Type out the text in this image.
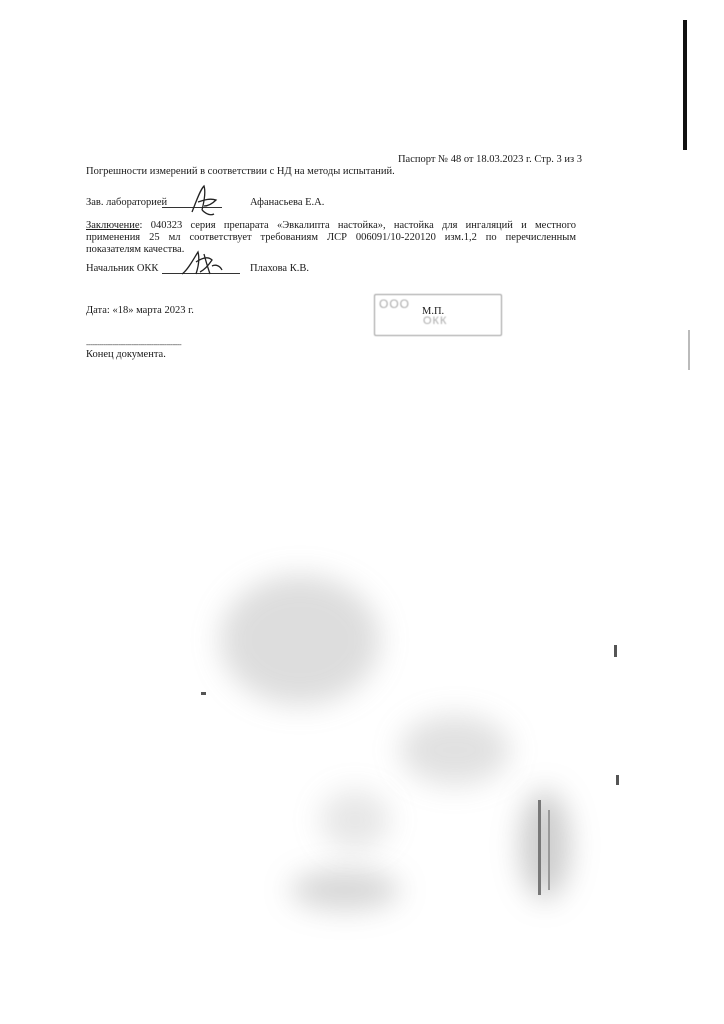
Паспорт № 48 от 18.03.2023 г. Стр. 3 из 3
Погрешности измерений в соответствии с НД на методы испытаний.
Зав. лабораторией	Афанасьева Е.А.
Заключение: 040323 серия препарата «Эвкалипта настойка», настойка для ингаляций и местного применения 25 мл соответствует требованиям ЛСР 006091/10-220120 изм.1,2 по перечисленным показателям качества.
Начальник ОКК	Плахова К.В.
Дата: «18» марта 2023 г.	ООО
ОКК
М.П.
--------------------------------------------
Конец документа.
